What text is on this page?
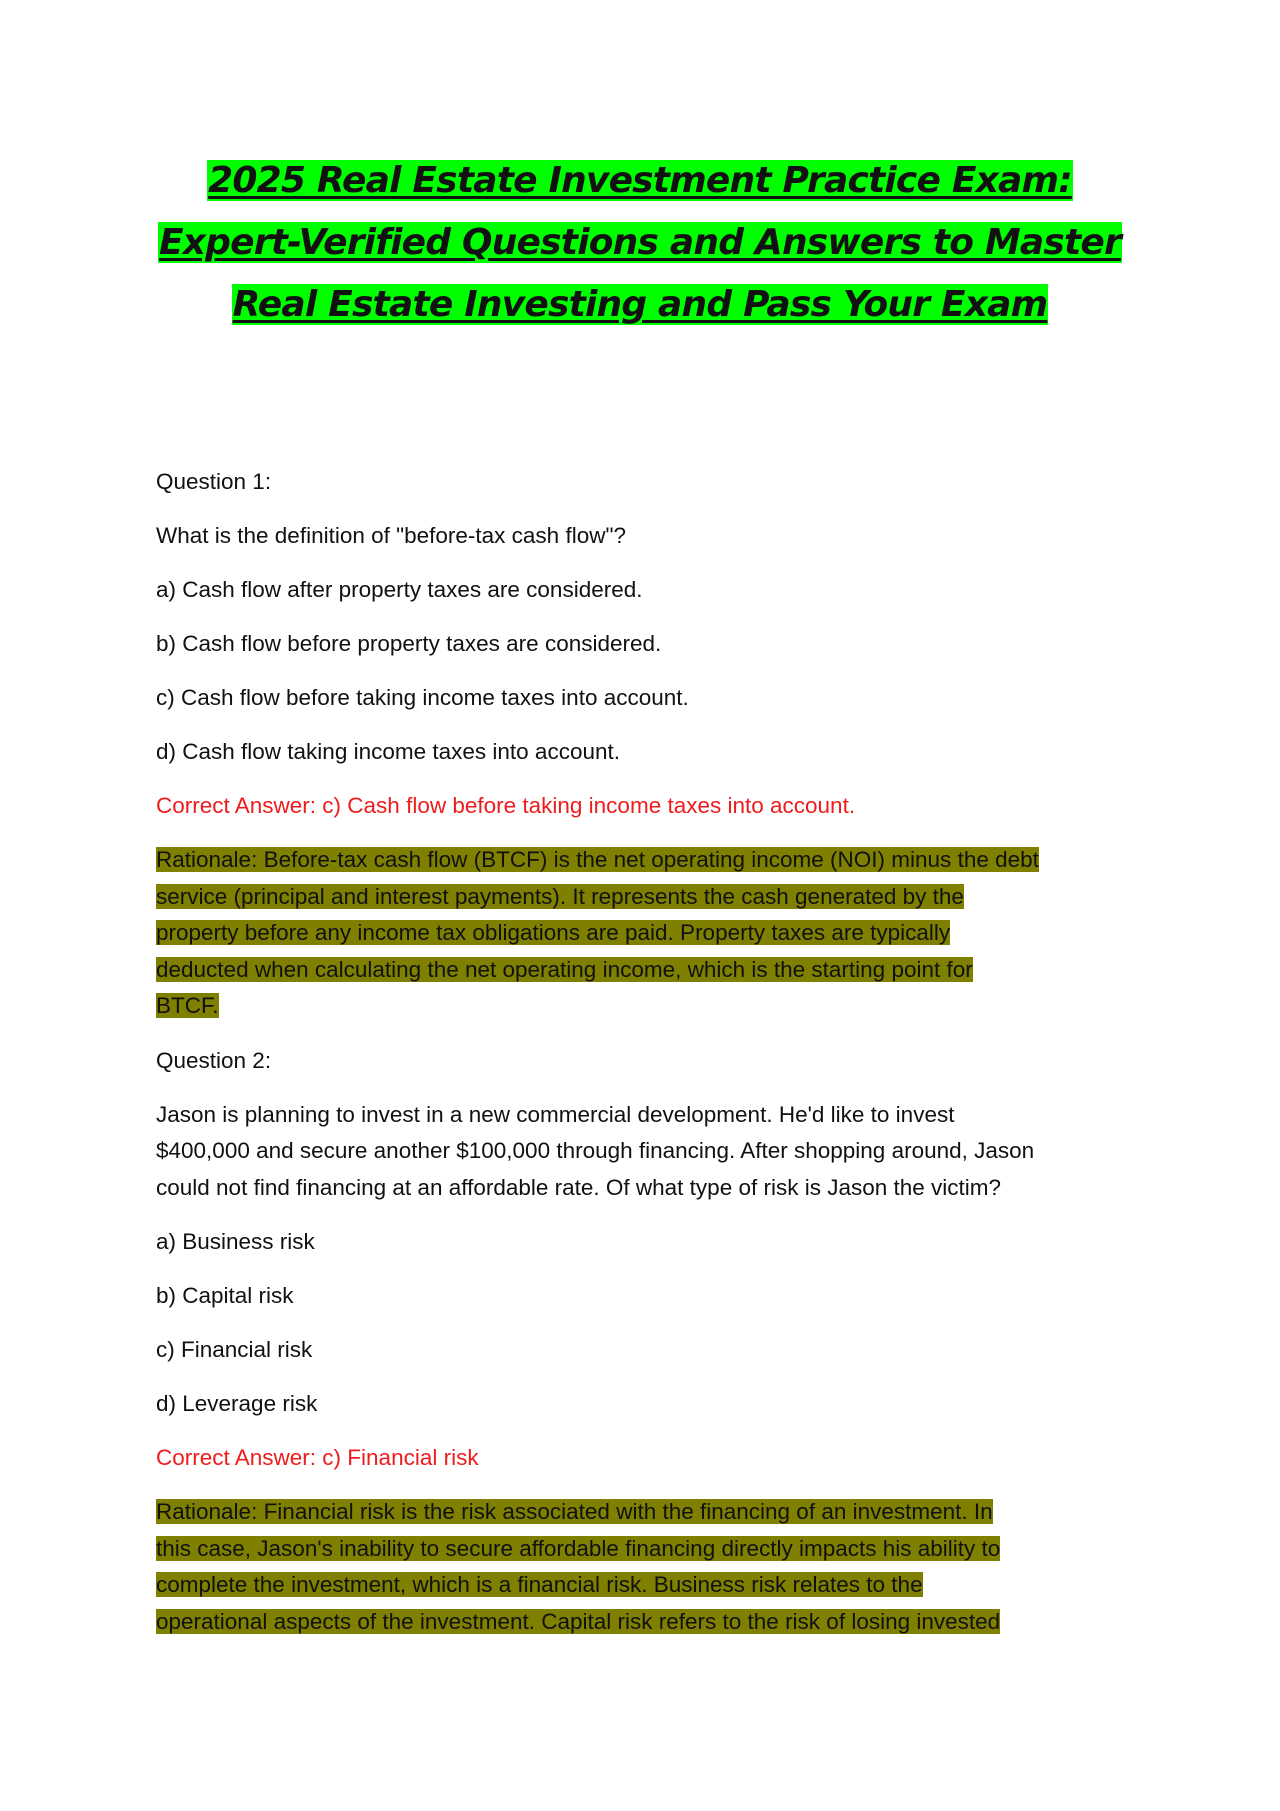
2025 Real Estate Investment Practice Exam:
Expert-Verified Questions and Answers to Master
Real Estate Investing and Pass Your Exam

Question 1:

What is the definition of "before-tax cash flow"?

a) Cash flow after property taxes are considered.

b) Cash flow before property taxes are considered.

c) Cash flow before taking income taxes into account.

d) Cash flow taking income taxes into account.

Correct Answer: c) Cash flow before taking income taxes into account.

Rationale: Before-tax cash flow (BTCF) is the net operating income (NOI) minus the debt
service (principal and interest payments). It represents the cash generated by the
property before any income tax obligations are paid. Property taxes are typically
deducted when calculating the net operating income, which is the starting point for
BTCF.

Question 2:

Jason is planning to invest in a new commercial development. He'd like to invest
$400,000 and secure another $100,000 through financing. After shopping around, Jason
could not find financing at an affordable rate. Of what type of risk is Jason the victim?

a) Business risk

b) Capital risk

c) Financial risk

d) Leverage risk

Correct Answer: c) Financial risk

Rationale: Financial risk is the risk associated with the financing of an investment. In
this case, Jason's inability to secure affordable financing directly impacts his ability to
complete the investment, which is a financial risk. Business risk relates to the
operational aspects of the investment. Capital risk refers to the risk of losing invested
